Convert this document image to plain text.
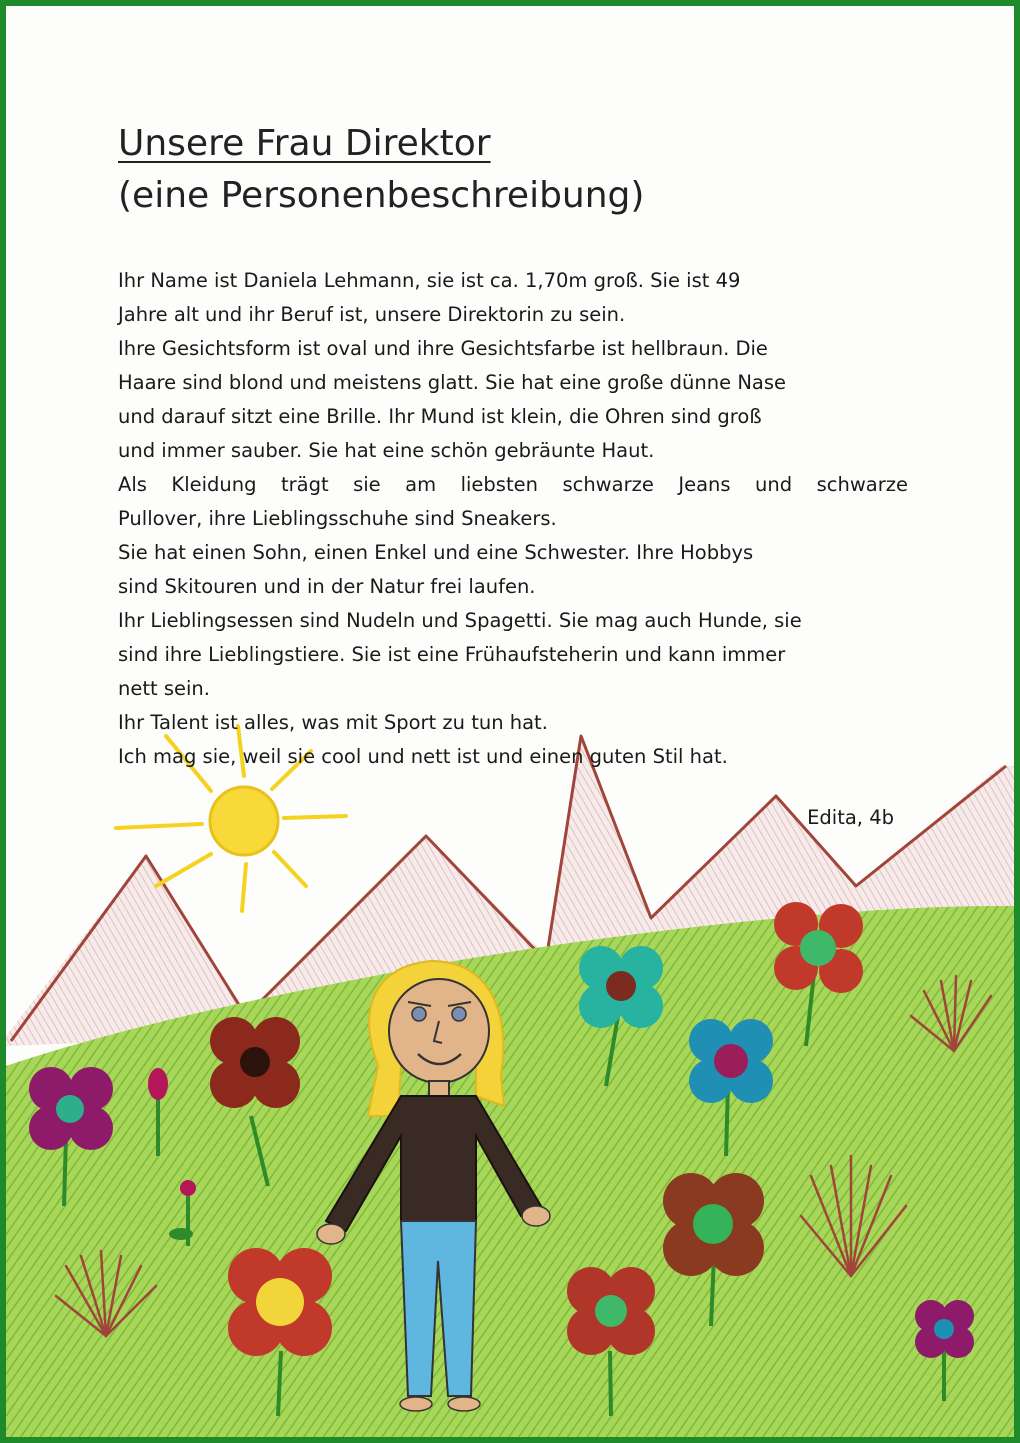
Unsere Frau Direktor
(eine Personenbeschreibung)
Ihr Name ist Daniela Lehmann, sie ist ca. 1,70m groß. Sie ist 49
Jahre alt und ihr Beruf ist, unsere Direktorin zu sein.
Ihre Gesichtsform ist oval und ihre Gesichtsfarbe ist hellbraun. Die
Haare sind blond und meistens glatt. Sie hat eine große dünne Nase
und darauf sitzt eine Brille. Ihr Mund ist klein, die Ohren sind groß
und immer sauber. Sie hat eine schön gebräunte Haut.
Als Kleidung trägt sie am liebsten schwarze Jeans und schwarze
Pullover, ihre Lieblingsschuhe sind Sneakers.
Sie hat einen Sohn, einen Enkel und eine Schwester. Ihre Hobbys
sind Skitouren und in der Natur frei laufen.
Ihr Lieblingsessen sind Nudeln und Spagetti. Sie mag auch Hunde, sie
sind ihre Lieblingstiere. Sie ist eine Frühaufsteherin und kann immer
nett sein.
Ihr Talent ist alles, was mit Sport zu tun hat.
Ich mag sie, weil sie cool und nett ist und einen guten Stil hat.
Edita, 4b
